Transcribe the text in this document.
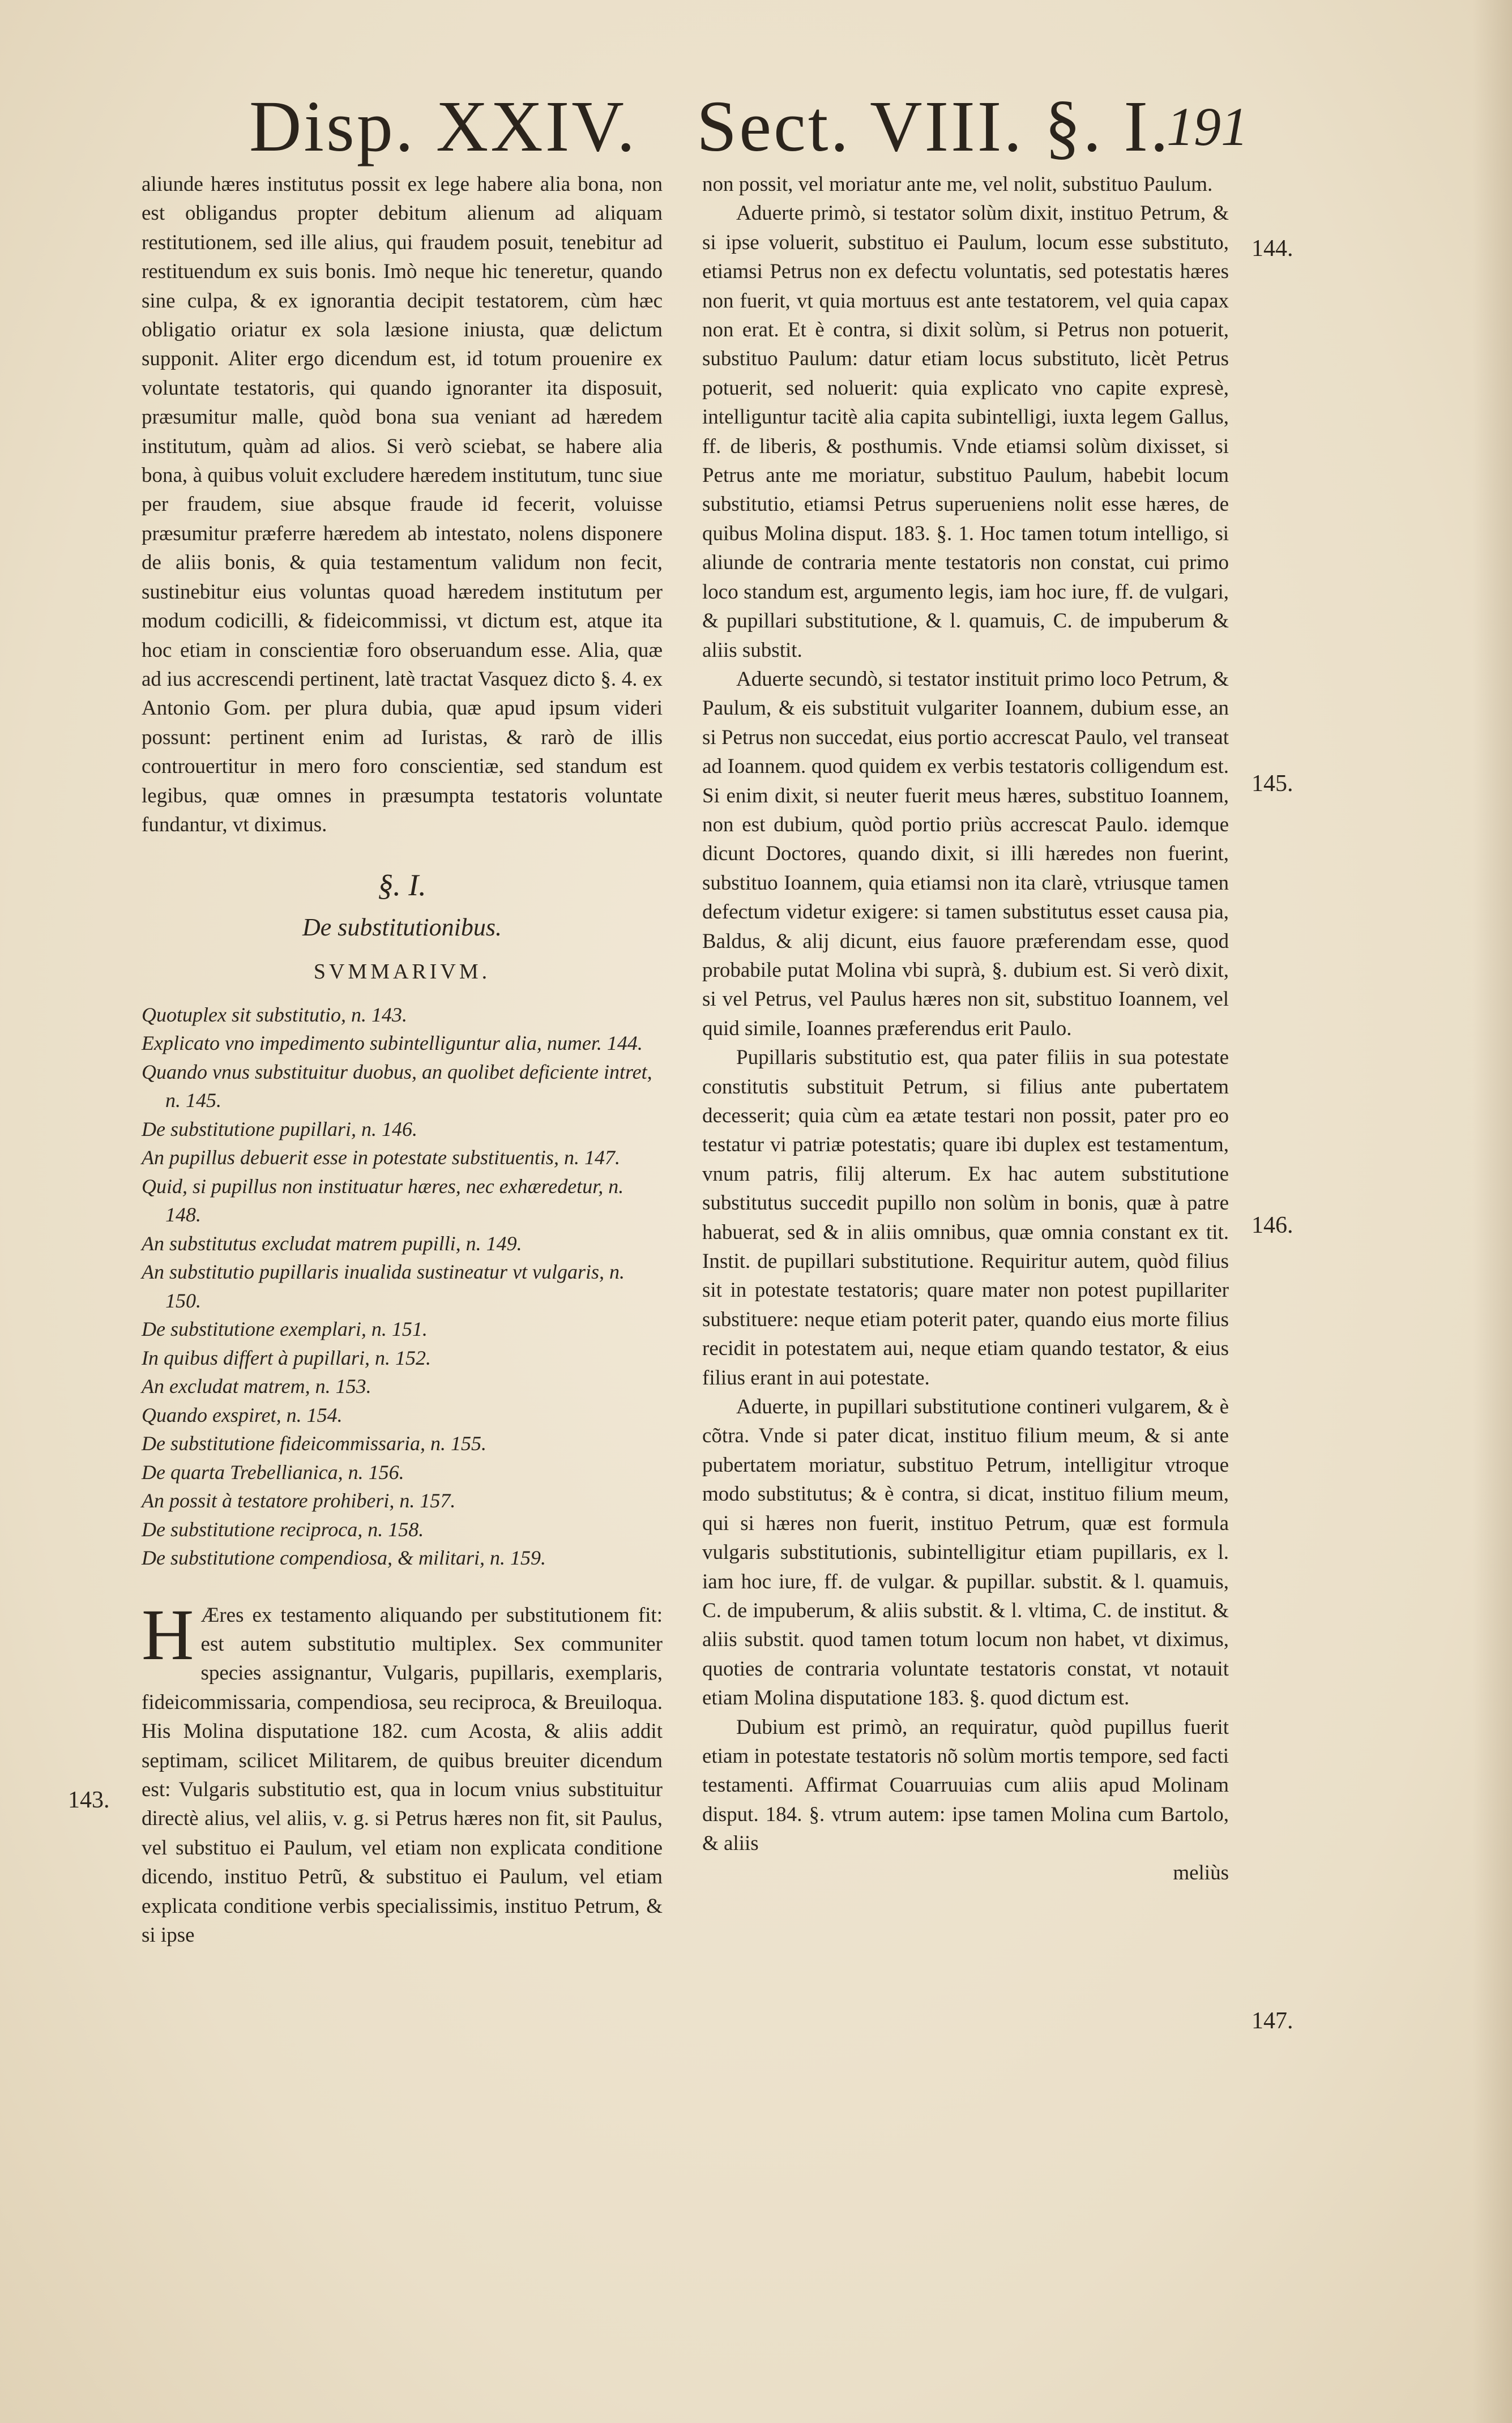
Disp. XXIV. Sect. VIII. §. I.
191

aliunde hæres institutus possit ex lege habere alia bona, non est obligandus propter debitum alienum ad aliquam restitutionem, sed ille alius, qui fraudem posuit, tenebitur ad restituendum ex suis bonis. Imò neque hic teneretur, quando sine culpa, & ex ignorantia decipit testatorem, cùm hæc obligatio oriatur ex sola læsione iniusta, quæ delictum supponit. Aliter ergo dicendum est, id totum prouenire ex voluntate testatoris, qui quando ignoranter ita disposuit, præsumitur malle, quòd bona sua veniant ad hæredem institutum, quàm ad alios. Si verò sciebat, se habere alia bona, à quibus voluit excludere hæredem institutum, tunc siue per fraudem, siue absque fraude id fecerit, voluisse præsumitur præferre hæredem ab intestato, nolens disponere de aliis bonis, & quia testamentum validum non fecit, sustinebitur eius voluntas quoad hæredem institutum per modum codicilli, & fideicommissi, vt dictum est, atque ita hoc etiam in conscientiæ foro obseruandum esse. Alia, quæ ad ius accrescendi pertinent, latè tractat Vasquez dicto §. 4. ex Antonio Gom. per plura dubia, quæ apud ipsum videri possunt: pertinent enim ad Iuristas, & rarò de illis controuertitur in mero foro conscientiæ, sed standum est legibus, quæ omnes in præsumpta testatoris voluntate fundantur, vt diximus.

§. I.
De substitutionibus.
SVMMARIVM.
Quotuplex sit substitutio, n. 143.
Explicato vno impedimento subintelliguntur alia, numer. 144.
Quando vnus substituitur duobus, an quolibet deficiente intret, n. 145.
De substitutione pupillari, n. 146.
An pupillus debuerit esse in potestate substituentis, n. 147.
Quid, si pupillus non instituatur hæres, nec exhæredetur, n. 148.
An substitutus excludat matrem pupilli, n. 149.
An substitutio pupillaris inualida sustineatur vt vulgaris, n. 150.
De substitutione exemplari, n. 151.
In quibus differt à pupillari, n. 152.
An excludat matrem, n. 153.
Quando exspiret, n. 154.
De substitutione fideicommissaria, n. 155.
De quarta Trebellianica, n. 156.
An possit à testatore prohiberi, n. 157.
De substitutione reciproca, n. 158.
De substitutione compendiosa, & militari, n. 159.

H Æres ex testamento aliquando per substitutionem fit: est autem substitutio multiplex. Sex communiter species assignantur, Vulgaris, pupillaris, exemplaris, fideicommissaria, compendiosa, seu reciproca, & Breuiloqua. His Molina disputatione 182. cum Acosta, & aliis addit septimam, scilicet Militarem, de quibus breuiter dicendum est: Vulgaris substitutio est, qua in locum vnius substituitur directè alius, vel aliis, v. g. si Petrus hæres non fit, sit Paulus, vel substituo ei Paulum, vel etiam non explicata conditione dicendo, instituo Petrũ, & substituo ei Paulum, vel etiam explicata conditione verbis specialissimis, instituo Petrum, & si ipse

non possit, vel moriatur ante me, vel nolit, substituo Paulum.

Aduerte primò, si testator solùm dixit, instituo Petrum, & si ipse voluerit, substituo ei Paulum, locum esse substituto, etiamsi Petrus non ex defectu voluntatis, sed potestatis hæres non fuerit, vt quia mortuus est ante testatorem, vel quia capax non erat. Et è contra, si dixit solùm, si Petrus non potuerit, substituo Paulum: datur etiam locus substituto, licèt Petrus potuerit, sed noluerit: quia explicato vno capite expresè, intelliguntur tacitè alia capita subintelligi, iuxta legem Gallus, ff. de liberis, & posthumis. Vnde etiamsi solùm dixisset, si Petrus ante me moriatur, substituo Paulum, habebit locum substitutio, etiamsi Petrus superueniens nolit esse hæres, de quibus Molina disput. 183. §. 1. Hoc tamen totum intelligo, si aliunde de contraria mente testatoris non constat, cui primo loco standum est, argumento legis, iam hoc iure, ff. de vulgari, & pupillari substitutione, & l. quamuis, C. de impuberum & aliis substit.

Aduerte secundò, si testator instituit primo loco Petrum, & Paulum, & eis substituit vulgariter Ioannem, dubium esse, an si Petrus non succedat, eius portio accrescat Paulo, vel transeat ad Ioannem. quod quidem ex verbis testatoris colligendum est. Si enim dixit, si neuter fuerit meus hæres, substituo Ioannem, non est dubium, quòd portio priùs accrescat Paulo. idemque dicunt Doctores, quando dixit, si illi hæredes non fuerint, substituo Ioannem, quia etiamsi non ita clarè, vtriusque tamen defectum videtur exigere: si tamen substitutus esset causa pia, Baldus, & alij dicunt, eius fauore præferendam esse, quod probabile putat Molina vbi suprà, §. dubium est. Si verò dixit, si vel Petrus, vel Paulus hæres non sit, substituo Ioannem, vel quid simile, Ioannes præferendus erit Paulo.

Pupillaris substitutio est, qua pater filiis in sua potestate constitutis substituit Petrum, si filius ante pubertatem decesserit; quia cùm ea ætate testari non possit, pater pro eo testatur vi patriæ potestatis; quare ibi duplex est testamentum, vnum patris, filij alterum. Ex hac autem substitutione substitutus succedit pupillo non solùm in bonis, quæ à patre habuerat, sed & in aliis omnibus, quæ omnia constant ex tit. Instit. de pupillari substitutione. Requiritur autem, quòd filius sit in potestate testatoris; quare mater non potest pupillariter substituere: neque etiam poterit pater, quando eius morte filius recidit in potestatem aui, neque etiam quando testator, & eius filius erant in aui potestate.

Aduerte, in pupillari substitutione contineri vulgarem, & è cõtra. Vnde si pater dicat, instituo filium meum, & si ante pubertatem moriatur, substituo Petrum, intelligitur vtroque modo substitutus; & è contra, si dicat, instituo filium meum, qui si hæres non fuerit, instituo Petrum, quæ est formula vulgaris substitutionis, subintelligitur etiam pupillaris, ex l. iam hoc iure, ff. de vulgar. & pupillar. substit. & l. quamuis, C. de impuberum, & aliis substit. & l. vltima, C. de institut. & aliis substit. quod tamen totum locum non habet, vt diximus, quoties de contraria voluntate testatoris constat, vt notauit etiam Molina disputatione 183. §. quod dictum est.

Dubium est primò, an requiratur, quòd pupillus fuerit etiam in potestate testatoris nõ solùm mortis tempore, sed facti testamenti. Affirmat Couarruuias cum aliis apud Molinam disput. 184. §. vtrum autem: ipse tamen Molina cum Bartolo, & aliis

meliùs
143.
144.
145.
146.
147.
